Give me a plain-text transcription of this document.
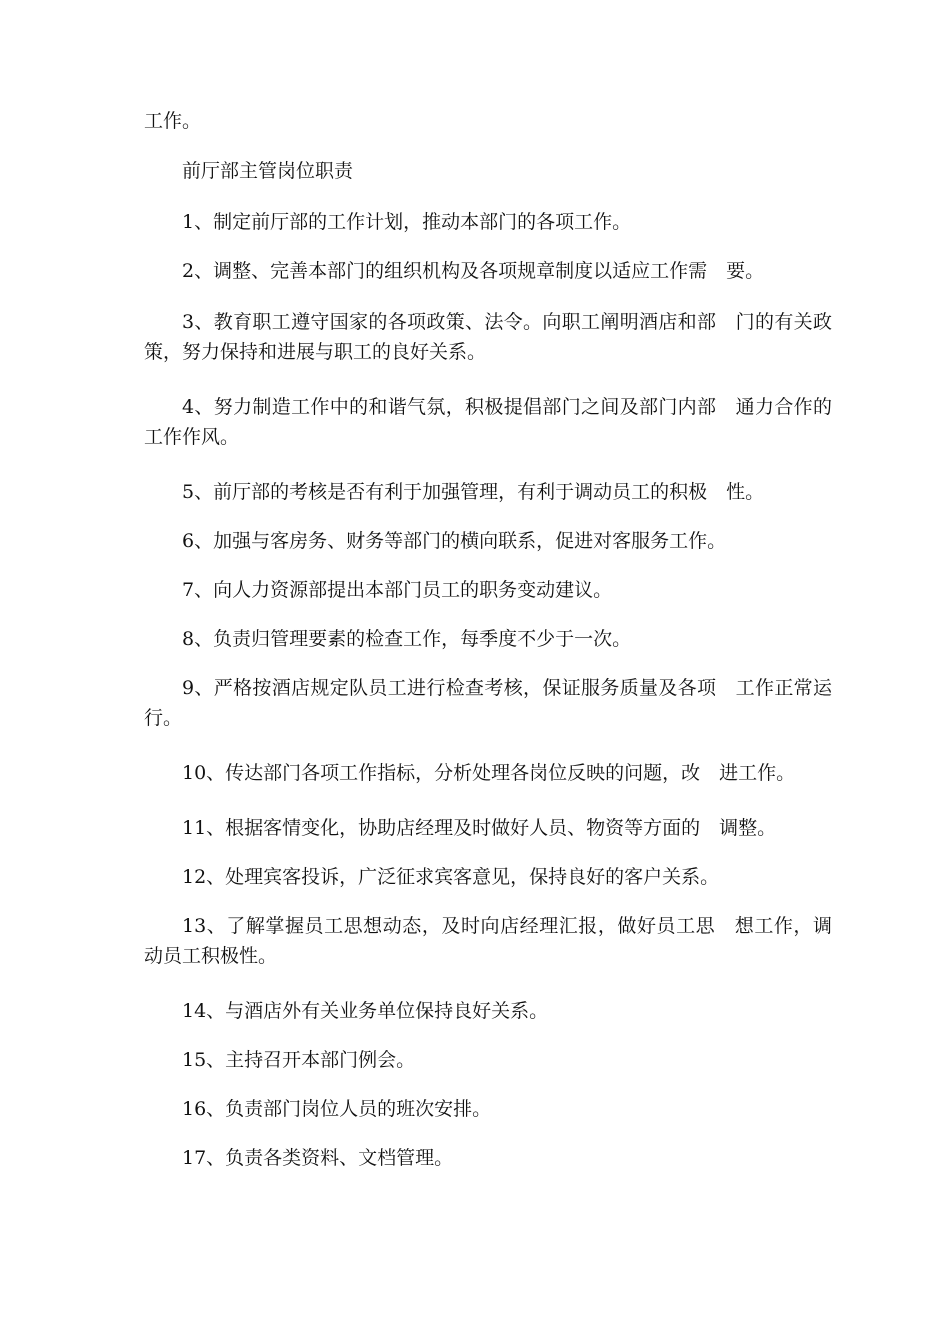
工作。

前厅部主管岗位职责

1、制定前厅部的工作计划，推动本部门的各项工作。

2、调整、完善本部门的组织机构及各项规章制度以适应工作需　要。

3、教育职工遵守国家的各项政策、法令。向职工阐明酒店和部　门的有关政策，努力保持和进展与职工的良好关系。

4、努力制造工作中的和谐气氛，积极提倡部门之间及部门内部　通力合作的工作作风。

5、前厅部的考核是否有利于加强管理，有利于调动员工的积极　性。

6、加强与客房务、财务等部门的横向联系，促进对客服务工作。

7、向人力资源部提出本部门员工的职务变动建议。

8、负责归管理要素的检查工作，每季度不少于一次。

9、严格按酒店规定队员工进行检查考核，保证服务质量及各项　工作正常运行。

10、传达部门各项工作指标，分析处理各岗位反映的问题，改　进工作。

11、根据客情变化，协助店经理及时做好人员、物资等方面的　调整。

12、处理宾客投诉，广泛征求宾客意见，保持良好的客户关系。

13、了解掌握员工思想动态，及时向店经理汇报，做好员工思　想工作，调动员工积极性。

14、与酒店外有关业务单位保持良好关系。

15、主持召开本部门例会。

16、负责部门岗位人员的班次安排。

17、负责各类资料、文档管理。
